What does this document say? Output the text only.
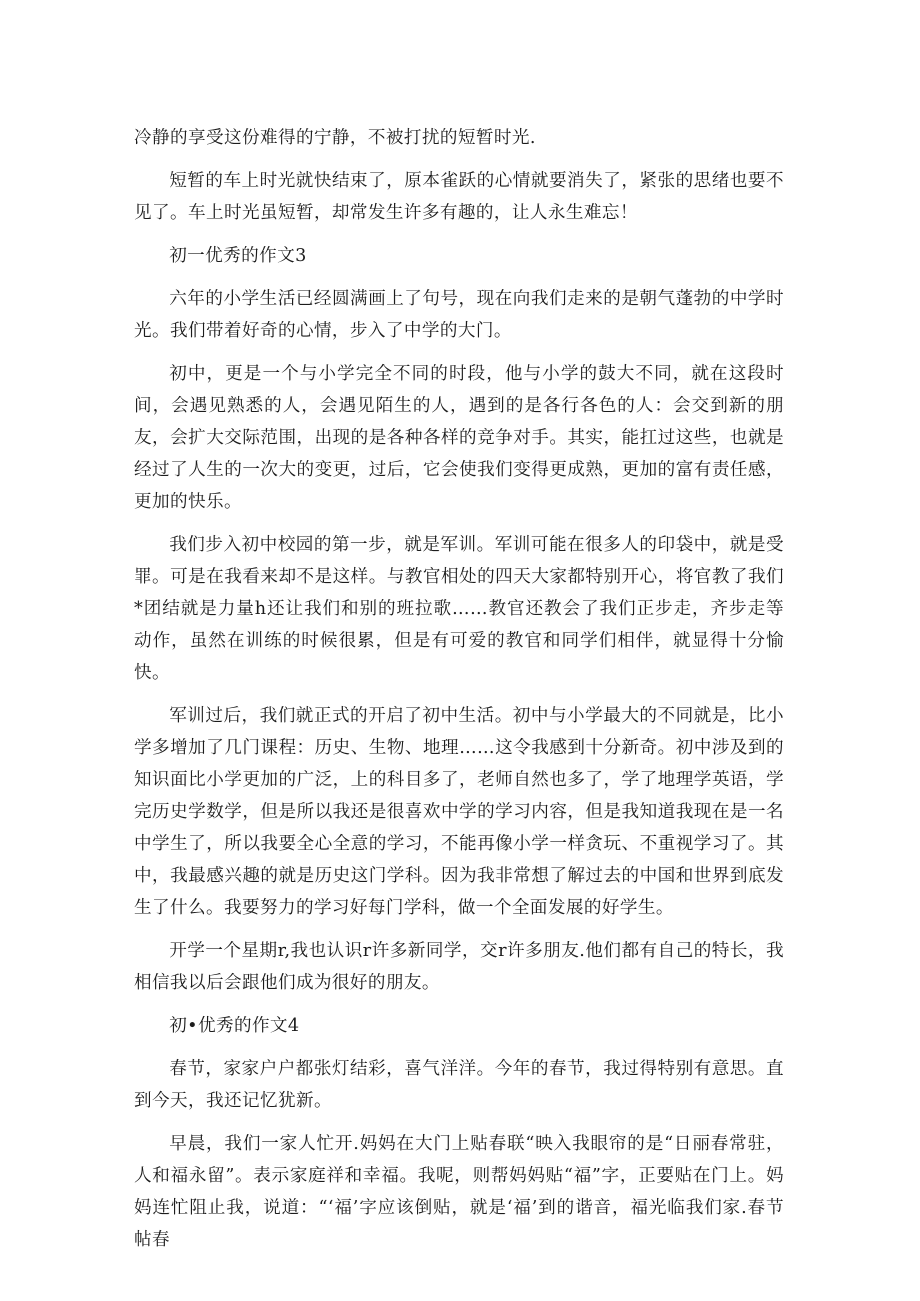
冷静的享受这份难得的宁静，不被打扰的短暂时光.

短暂的车上时光就快结束了，原本雀跃的心情就要消失了，紧张的思绪也要不见了。车上时光虽短暂，却常发生许多有趣的，让人永生难忘！

初一优秀的作文3

六年的小学生活已经圆满画上了句号，现在向我们走来的是朝气蓬勃的中学时光。我们带着好奇的心情，步入了中学的大门。

初中，更是一个与小学完全不同的时段，他与小学的鼓大不同，就在这段时间，会遇见熟悉的人，会遇见陌生的人，遇到的是各行各色的人：会交到新的朋友，会扩大交际范围，出现的是各种各样的竞争对手。其实，能扛过这些，也就是经过了人生的一次大的变更，过后，它会使我们变得更成熟，更加的富有责任感，更加的快乐。

我们步入初中校园的第一步，就是军训。军训可能在很多人的印袋中，就是受罪。可是在我看来却不是这样。与教官相处的四天大家都特别开心，将官教了我们*团结就是力量h还让我们和别的班拉歌……教官还教会了我们正步走，齐步走等动作，虽然在训练的时候很累，但是有可爱的教官和同学们相伴，就显得十分愉快。

军训过后，我们就正式的开启了初中生活。初中与小学最大的不同就是，比小学多增加了几门课程：历史、生物、地理……这令我感到十分新奇。初中涉及到的知识面比小学更加的广泛，上的科目多了，老师自然也多了，学了地理学英语，学完历史学数学，但是所以我还是很喜欢中学的学习内容，但是我知道我现在是一名中学生了，所以我要全心全意的学习，不能再像小学一样贪玩、不重视学习了。其中，我最感兴趣的就是历史这门学科。因为我非常想了解过去的中国和世界到底发生了什么。我要努力的学习好每门学科，做一个全面发展的好学生。

开学一个星期r,我也认识r许多新同学，交r许多朋友.他们都有自己的特长，我相信我以后会跟他们成为很好的朋友。

初•优秀的作文4

春节，家家户户都张灯结彩，喜气洋洋。今年的春节，我过得特别有意思。直到今天，我还记忆犹新。

早晨，我们一家人忙开.妈妈在大门上贴春联“映入我眼帘的是“日丽春常驻，人和福永留”。表示家庭祥和幸福。我呢，则帮妈妈贴“福”字，正要贴在门上。妈妈连忙阻止我，说道：“‘福’字应该倒贴，就是‘福’到的谐音，福光临我们家.春节帖春
